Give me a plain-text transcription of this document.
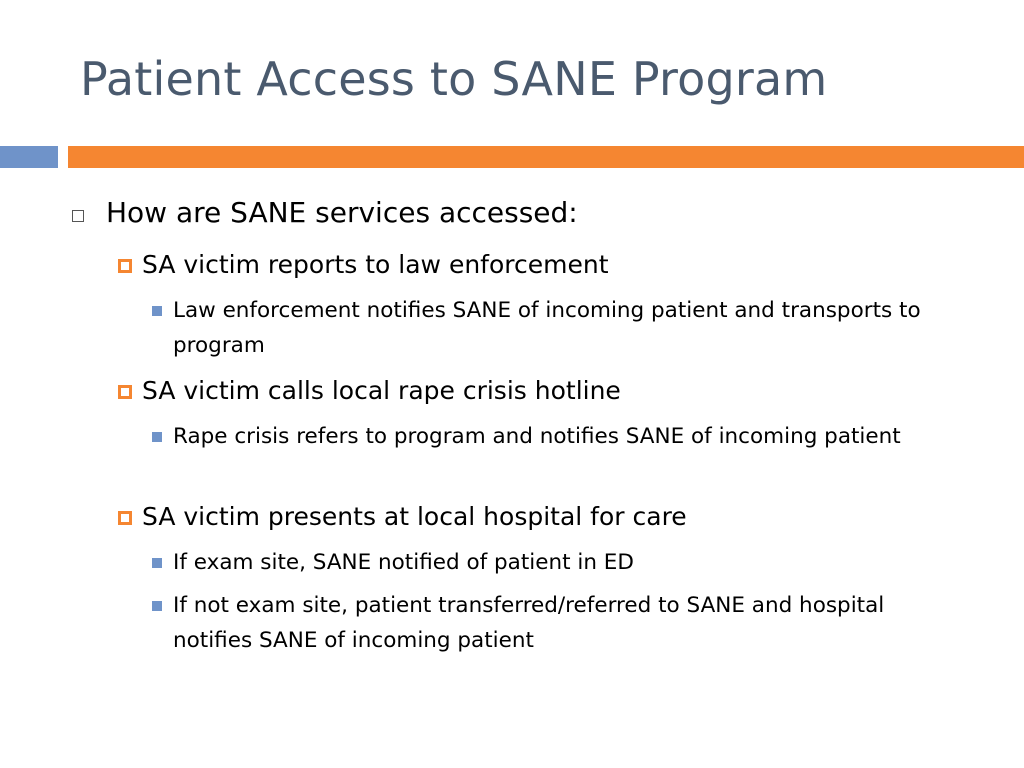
Patient Access to SANE Program
How are SANE services accessed:
SA victim reports to law enforcement
Law enforcement notifies SANE of incoming patient and transports to program
SA victim calls local rape crisis hotline
Rape crisis refers to program and notifies SANE of incoming patient
SA victim presents at local hospital for care
If exam site, SANE notified of patient in ED
If not exam site, patient transferred/referred to SANE and hospital notifies SANE of incoming patient
